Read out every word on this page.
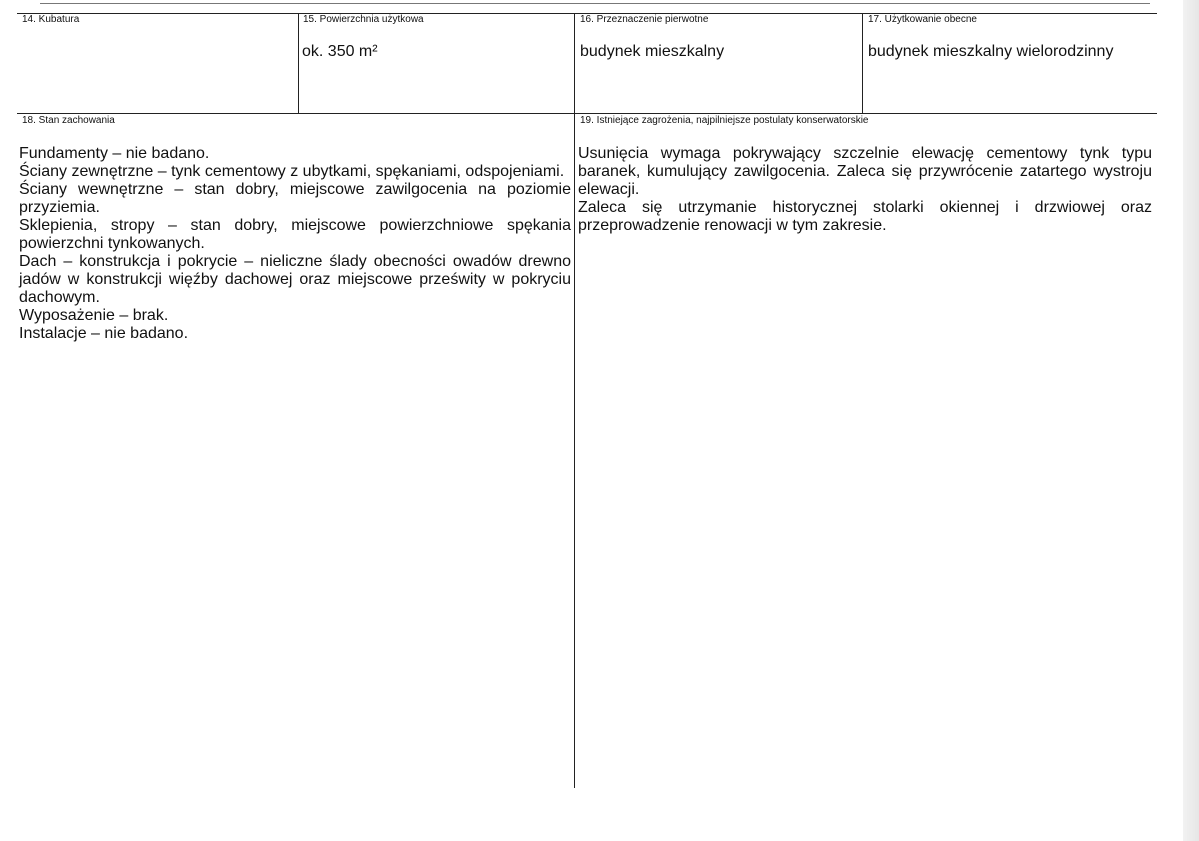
14. Kubatura	15. Powierzchnia użytkowa
ok. 350 m²
16. Przeznaczenie pierwotne
budynek mieszkalny
17. Użytkowanie obecne
budynek mieszkalny wielorodzinny
18. Stan zachowania

Fundamenty – nie badano.

Ściany zewnętrzne – tynk cementowy z ubytkami, spękaniami, odspojeniami.

Ściany wewnętrzne – stan dobry, miejscowe zawilgocenia na poziomie przyziemia.

Sklepienia, stropy – stan dobry, miejscowe powierzchniowe spękania powierzchni tynkowanych.

Dach – konstrukcja i pokrycie – nieliczne ślady obecności owadów drewno jadów w konstrukcji więźby dachowej oraz miejscowe prześwity w pokryciu dachowym.

Wyposażenie – brak.

Instalacje – nie badano.

19. Istniejące zagrożenia, najpilniejsze postulaty konserwatorskie

Usunięcia wymaga pokrywający szczelnie elewację cementowy tynk typu baranek, kumulujący zawilgocenia. Zaleca się przywrócenie zatartego wystroju elewacji.

Zaleca się utrzymanie historycznej stolarki okiennej i drzwiowej oraz przeprowadzenie renowacji w tym zakresie.
